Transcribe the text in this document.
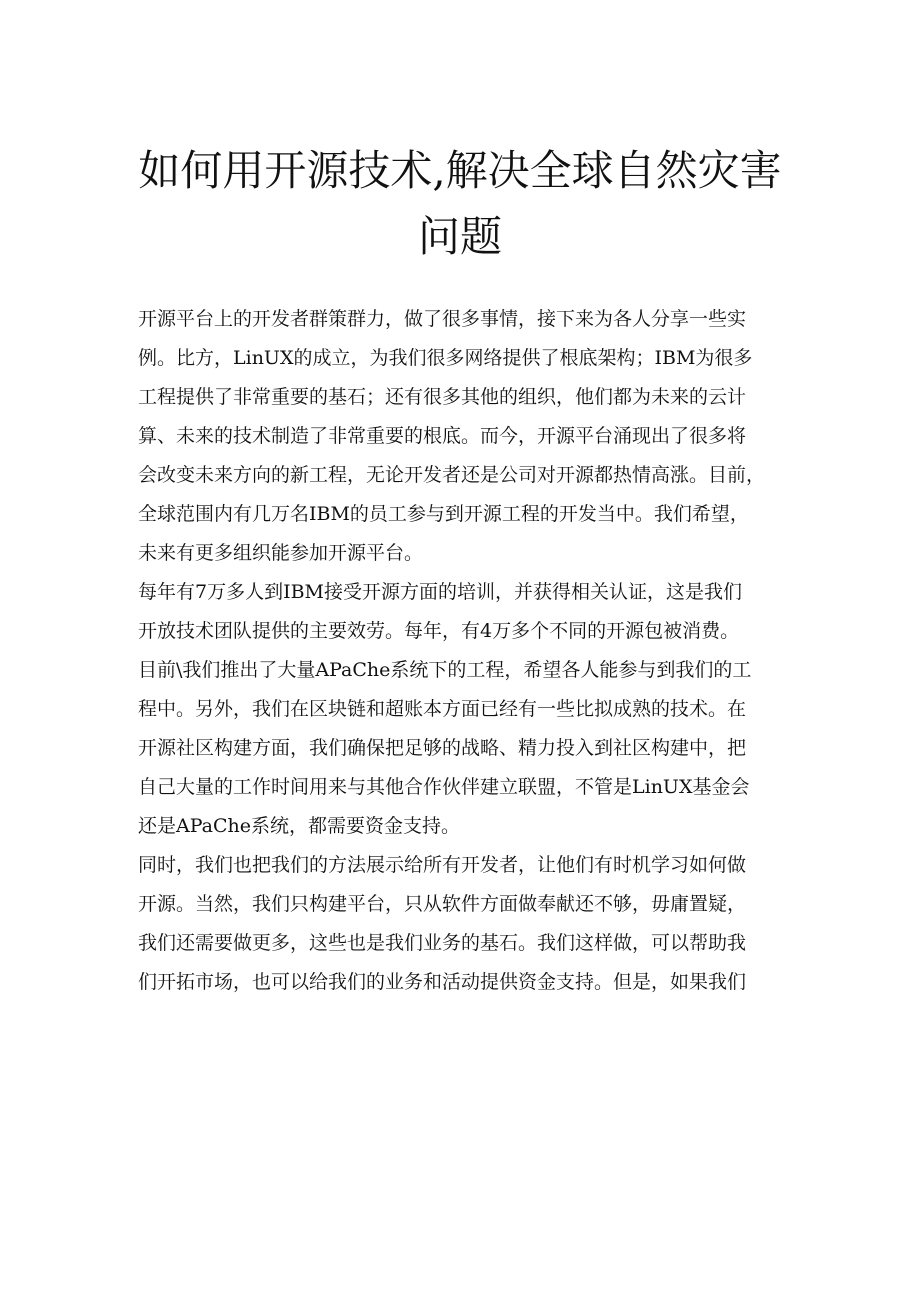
如何用开源技术,解决全球自然灾害
问题
开源平台上的开发者群策群力，做了很多事情，接下来为各人分享一些实
例。比方，LinUX的成立，为我们很多网络提供了根底架构；IBM为很多
工程提供了非常重要的基石；还有很多其他的组织，他们都为未来的云计
算、未来的技术制造了非常重要的根底。而今，开源平台涌现出了很多将
会改变未来方向的新工程，无论开发者还是公司对开源都热情高涨。目前，
全球范围内有几万名IBM的员工参与到开源工程的开发当中。我们希望，
未来有更多组织能参加开源平台。
每年有7万多人到IBM接受开源方面的培训，并获得相关认证，这是我们
开放技术团队提供的主要效劳。每年，有4万多个不同的开源包被消费。
目前\我们推出了大量APaChe系统下的工程，希望各人能参与到我们的工
程中。另外，我们在区块链和超账本方面已经有一些比拟成熟的技术。在
开源社区构建方面，我们确保把足够的战略、精力投入到社区构建中，把
自己大量的工作时间用来与其他合作伙伴建立联盟，不管是LinUX基金会
还是APaChe系统，都需要资金支持。
同时，我们也把我们的方法展示给所有开发者，让他们有时机学习如何做
开源。当然，我们只构建平台，只从软件方面做奉献还不够，毋庸置疑，
我们还需要做更多，这些也是我们业务的基石。我们这样做，可以帮助我
们开拓市场，也可以给我们的业务和活动提供资金支持。但是，如果我们
